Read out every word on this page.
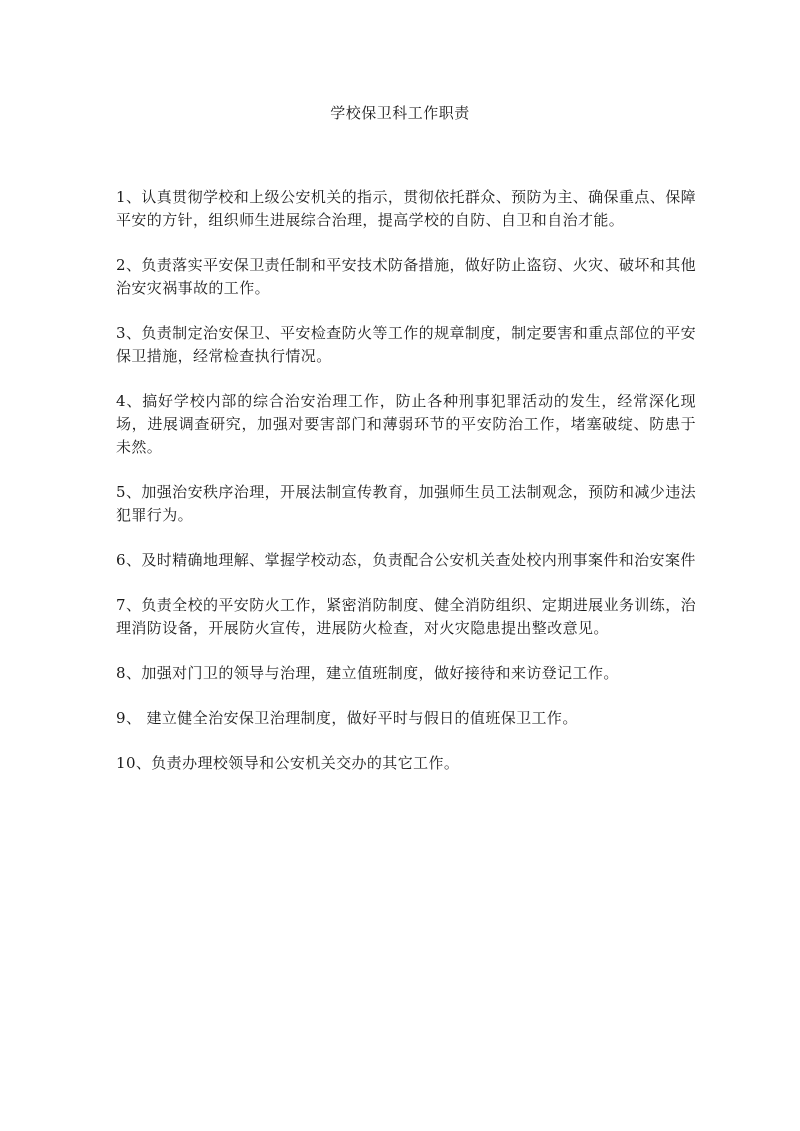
学校保卫科工作职责
1、认真贯彻学校和上级公安机关的指示，贯彻依托群众、预防为主、确保重点、保障平安的方针，组织师生进展综合治理，提高学校的自防、自卫和自治才能。
2、负责落实平安保卫责任制和平安技术防备措施，做好防止盗窃、火灾、破坏和其他治安灾祸事故的工作。
3、负责制定治安保卫、平安检查防火等工作的规章制度，制定要害和重点部位的平安保卫措施，经常检查执行情况。
4、搞好学校内部的综合治安治理工作，防止各种刑事犯罪活动的发生，经常深化现场，进展调查研究，加强对要害部门和薄弱环节的平安防治工作，堵塞破绽、防患于未然。
5、加强治安秩序治理，开展法制宣传教育，加强师生员工法制观念，预防和减少违法犯罪行为。
6、及时精确地理解、掌握学校动态，负责配合公安机关查处校内刑事案件和治安案件
7、负责全校的平安防火工作，紧密消防制度、健全消防组织、定期进展业务训练，治理消防设备，开展防火宣传，进展防火检查，对火灾隐患提出整改意见。
8、加强对门卫的领导与治理，建立值班制度，做好接待和来访登记工作。
9、 建立健全治安保卫治理制度，做好平时与假日的值班保卫工作。
10、负责办理校领导和公安机关交办的其它工作。
